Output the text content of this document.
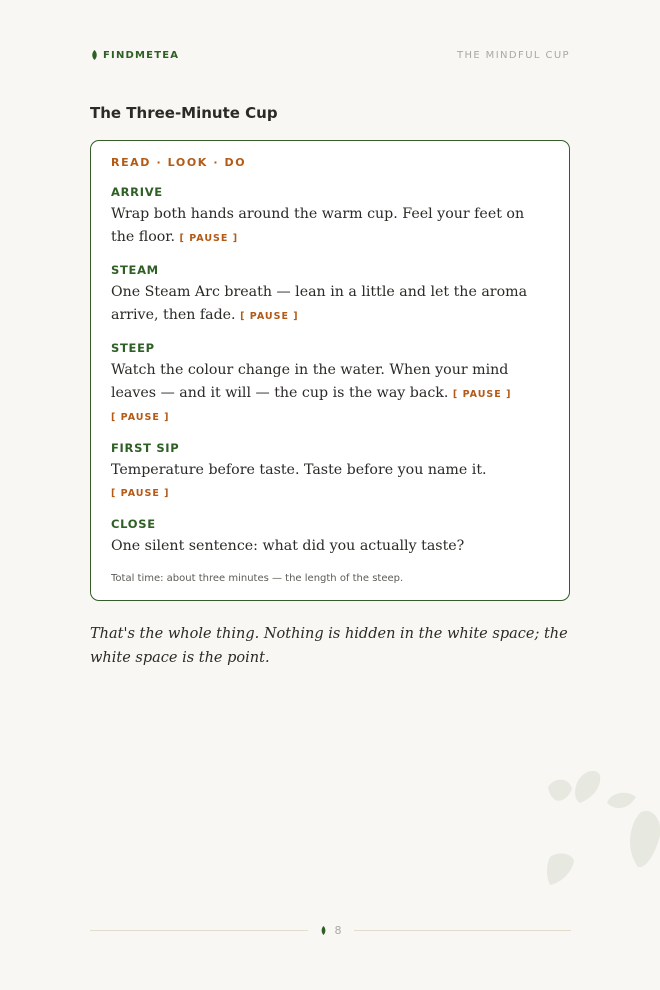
FINDMETEA	THE MINDFUL CUP
The Three-Minute Cup
READ · LOOK · DO
ARRIVE
Wrap both hands around the warm cup. Feel your feet on the floor. [ PAUSE ]
STEAM
One Steam Arc breath — lean in a little and let the aroma arrive, then fade. [ PAUSE ]
STEEP
Watch the colour change in the water. When your mind leaves — and it will — the cup is the way back. [ PAUSE ]
[ PAUSE ]
FIRST SIP
Temperature before taste. Taste before you name it.
[ PAUSE ]
CLOSE
One silent sentence: what did you actually taste?
Total time: about three minutes — the length of the steep.

That's the whole thing. Nothing is hidden in the white space; the white space is the point.

8
